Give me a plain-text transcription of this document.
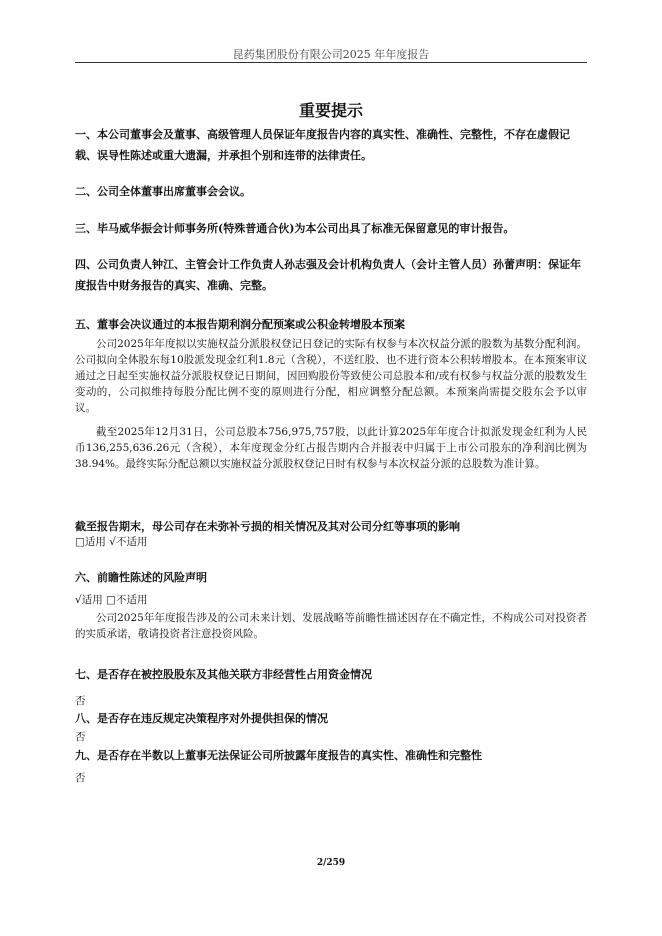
昆药集团股份有限公司2025 年年度报告
重要提示
一、本公司董事会及董事、高级管理人员保证年度报告内容的真实性、准确性、完整性，不存在虚假记载、误导性陈述或重大遗漏，并承担个别和连带的法律责任。
二、公司全体董事出席董事会会议。
三、毕马威华振会计师事务所(特殊普通合伙)为本公司出具了标准无保留意见的审计报告。
四、公司负责人钟江、主管会计工作负责人孙志强及会计机构负责人（会计主管人员）孙蕾声明：保证年度报告中财务报告的真实、准确、完整。
五、董事会决议通过的本报告期利润分配预案或公积金转增股本预案
公司2025年年度拟以实施权益分派股权登记日登记的实际有权参与本次权益分派的股数为基数分配利润。公司拟向全体股东每10股派发现金红利1.8元（含税），不送红股、也不进行资本公积转增股本。在本预案审议通过之日起至实施权益分派股权登记日期间，因回购股份等致使公司总股本和/或有权参与权益分派的股数发生变动的，公司拟维持每股分配比例不变的原则进行分配，相应调整分配总额。本预案尚需提交股东会予以审议。
截至2025年12月31日，公司总股本756,975,757股，以此计算2025年年度合计拟派发现金红利为人民币136,255,636.26元（含税），本年度现金分红占报告期内合并报表中归属于上市公司股东的净利润比例为38.94%。最终实际分配总额以实施权益分派股权登记日时有权参与本次权益分派的总股数为准计算。
截至报告期末，母公司存在未弥补亏损的相关情况及其对公司分红等事项的影响
□适用 √不适用
六、前瞻性陈述的风险声明
√适用 □不适用
公司2025年年度报告涉及的公司未来计划、发展战略等前瞻性描述因存在不确定性，不构成公司对投资者的实质承诺，敬请投资者注意投资风险。
七、是否存在被控股股东及其他关联方非经营性占用资金情况
否
八、是否存在违反规定决策程序对外提供担保的情况
否
九、是否存在半数以上董事无法保证公司所披露年度报告的真实性、准确性和完整性
否
2/259
